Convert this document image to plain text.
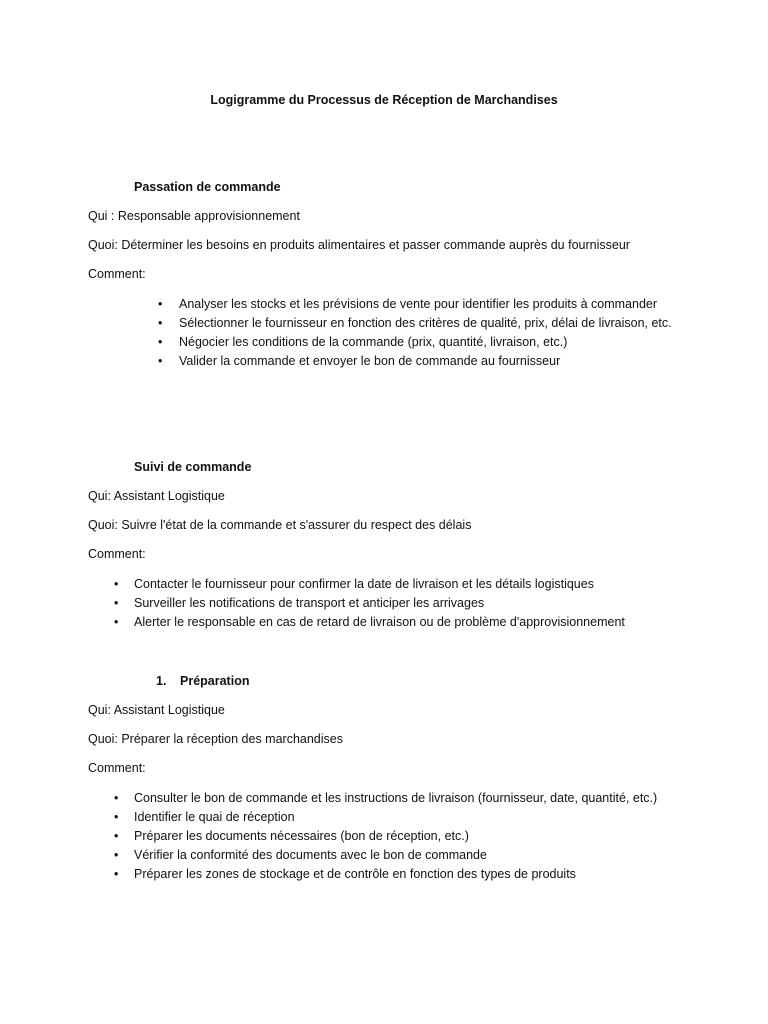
Logigramme du Processus de Réception de Marchandises
Passation de commande
Qui : Responsable approvisionnement
Quoi: Déterminer les besoins en produits alimentaires et passer commande auprès du fournisseur
Comment:
• Analyser les stocks et les prévisions de vente pour identifier les produits à commander
• Sélectionner le fournisseur en fonction des critères de qualité, prix, délai de livraison, etc.
• Négocier les conditions de la commande (prix, quantité, livraison, etc.)
• Valider la commande et envoyer le bon de commande au fournisseur
Suivi de commande
Qui: Assistant Logistique
Quoi: Suivre l'état de la commande et s'assurer du respect des délais
Comment:
• Contacter le fournisseur pour confirmer la date de livraison et les détails logistiques
• Surveiller les notifications de transport et anticiper les arrivages
• Alerter le responsable en cas de retard de livraison ou de problème d'approvisionnement
1. Préparation
Qui: Assistant Logistique
Quoi: Préparer la réception des marchandises
Comment:
• Consulter le bon de commande et les instructions de livraison (fournisseur, date, quantité, etc.)
• Identifier le quai de réception
• Préparer les documents nécessaires (bon de réception, etc.)
• Vérifier la conformité des documents avec le bon de commande
• Préparer les zones de stockage et de contrôle en fonction des types de produits
